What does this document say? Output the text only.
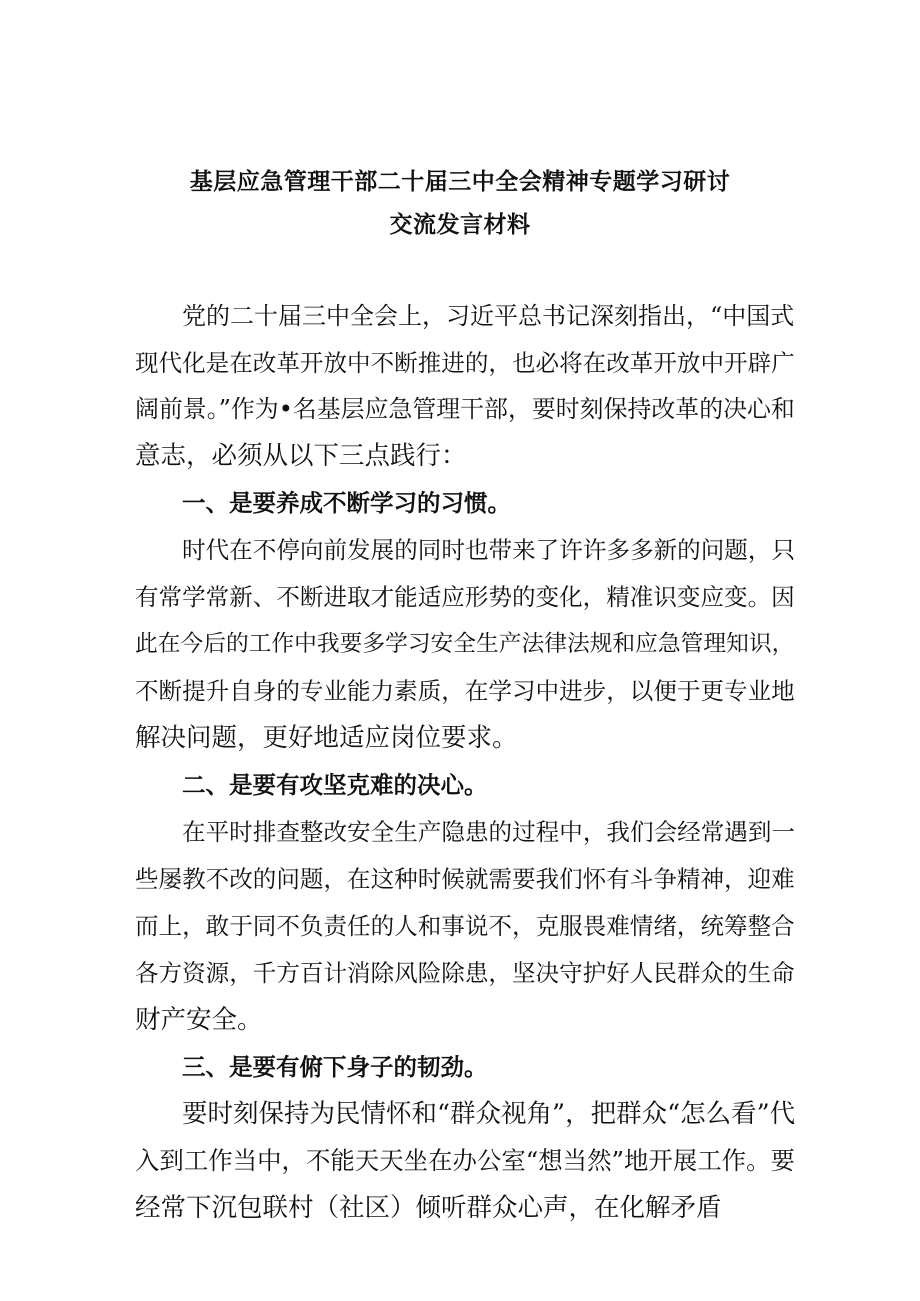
基层应急管理干部二十届三中全会精神专题学习研讨
交流发言材料

党的二十届三中全会上，习近平总书记深刻指出，“中国式

现代化是在改革开放中不断推进的，也必将在改革开放中开辟广

阔前景。”作为•名基层应急管理干部，要时刻保持改革的决心和

意志，必须从以下三点践行：

一、是要养成不断学习的习惯。

时代在不停向前发展的同时也带来了许许多多新的问题，只

有常学常新、不断进取才能适应形势的变化，精准识变应变。因

此在今后的工作中我要多学习安全生产法律法规和应急管理知识，

不断提升自身的专业能力素质，在学习中进步，以便于更专业地

解决问题，更好地适应岗位要求。

二、是要有攻坚克难的决心。

在平时排查整改安全生产隐患的过程中，我们会经常遇到一

些屡教不改的问题，在这种时候就需要我们怀有斗争精神，迎难

而上，敢于同不负责任的人和事说不，克服畏难情绪，统筹整合

各方资源，千方百计消除风险除患，坚决守护好人民群众的生命

财产安全。

三、是要有俯下身子的韧劲。

要时刻保持为民情怀和“群众视角”，把群众“怎么看”代

入到工作当中，不能天天坐在办公室“想当然”地开展工作。要

经常下沉包联村（社区）倾听群众心声，在化解矛盾
